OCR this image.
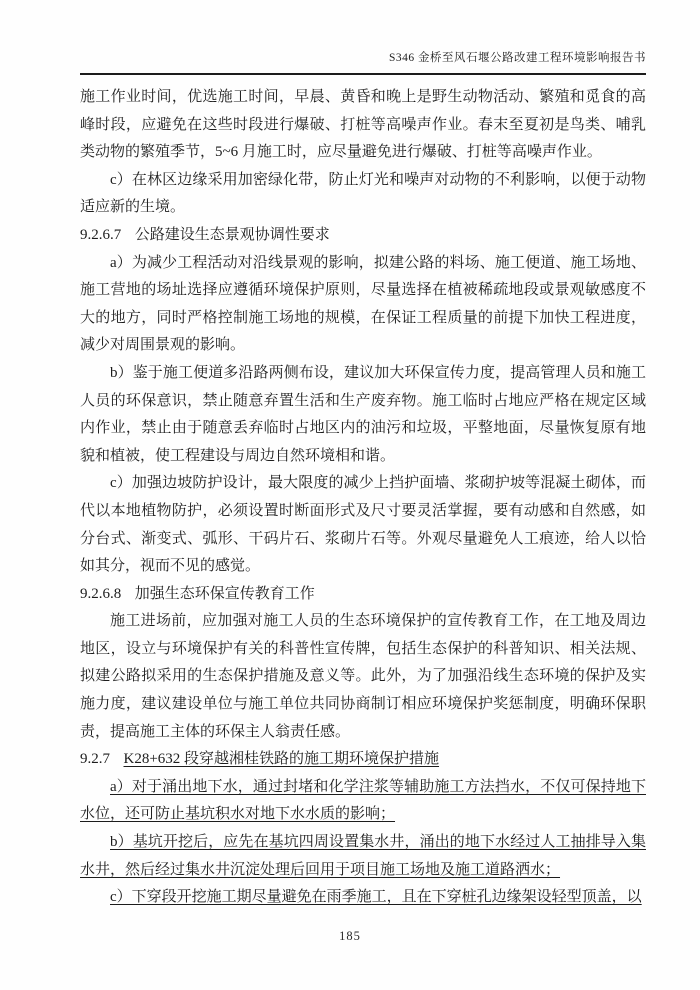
S346 金桥至风石堰公路改建工程环境影响报告书

施工作业时间，优选施工时间，早晨、黄昏和晚上是野生动物活动、繁殖和觅食的高峰时段，应避免在这些时段进行爆破、打桩等高噪声作业。春末至夏初是鸟类、哺乳类动物的繁殖季节，5~6 月施工时，应尽量避免进行爆破、打桩等高噪声作业。

c）在林区边缘采用加密绿化带，防止灯光和噪声对动物的不利影响，以便于动物适应新的生境。

9.2.6.7 公路建设生态景观协调性要求

a）为减少工程活动对沿线景观的影响，拟建公路的料场、施工便道、施工场地、施工营地的场址选择应遵循环境保护原则，尽量选择在植被稀疏地段或景观敏感度不大的地方，同时严格控制施工场地的规模，在保证工程质量的前提下加快工程进度，减少对周围景观的影响。

b）鉴于施工便道多沿路两侧布设，建议加大环保宣传力度，提高管理人员和施工人员的环保意识，禁止随意弃置生活和生产废弃物。施工临时占地应严格在规定区域内作业，禁止由于随意丢弃临时占地区内的油污和垃圾，平整地面，尽量恢复原有地貌和植被，使工程建设与周边自然环境相和谐。

c）加强边坡防护设计，最大限度的减少上挡护面墙、浆砌护坡等混凝土砌体，而代以本地植物防护，必须设置时断面形式及尺寸要灵活掌握，要有动感和自然感，如分台式、渐变式、弧形、干码片石、浆砌片石等。外观尽量避免人工痕迹，给人以恰如其分，视而不见的感觉。

9.2.6.8 加强生态环保宣传教育工作

施工进场前，应加强对施工人员的生态环境保护的宣传教育工作，在工地及周边地区，设立与环境保护有关的科普性宣传牌，包括生态保护的科普知识、相关法规、拟建公路拟采用的生态保护措施及意义等。此外，为了加强沿线生态环境的保护及实施力度，建议建设单位与施工单位共同协商制订相应环境保护奖惩制度，明确环保职责，提高施工主体的环保主人翁责任感。

9.2.7 K28+632 段穿越湘桂铁路的施工期环境保护措施

a）对于涌出地下水，通过封堵和化学注浆等辅助施工方法挡水，不仅可保持地下水位，还可防止基坑积水对地下水水质的影响；

b）基坑开挖后，应先在基坑四周设置集水井，涌出的地下水经过人工抽排导入集水井，然后经过集水井沉淀处理后回用于项目施工场地及施工道路洒水；

c）下穿段开挖施工期尽量避免在雨季施工，且在下穿桩孔边缘架设轻型顶盖，以

185
